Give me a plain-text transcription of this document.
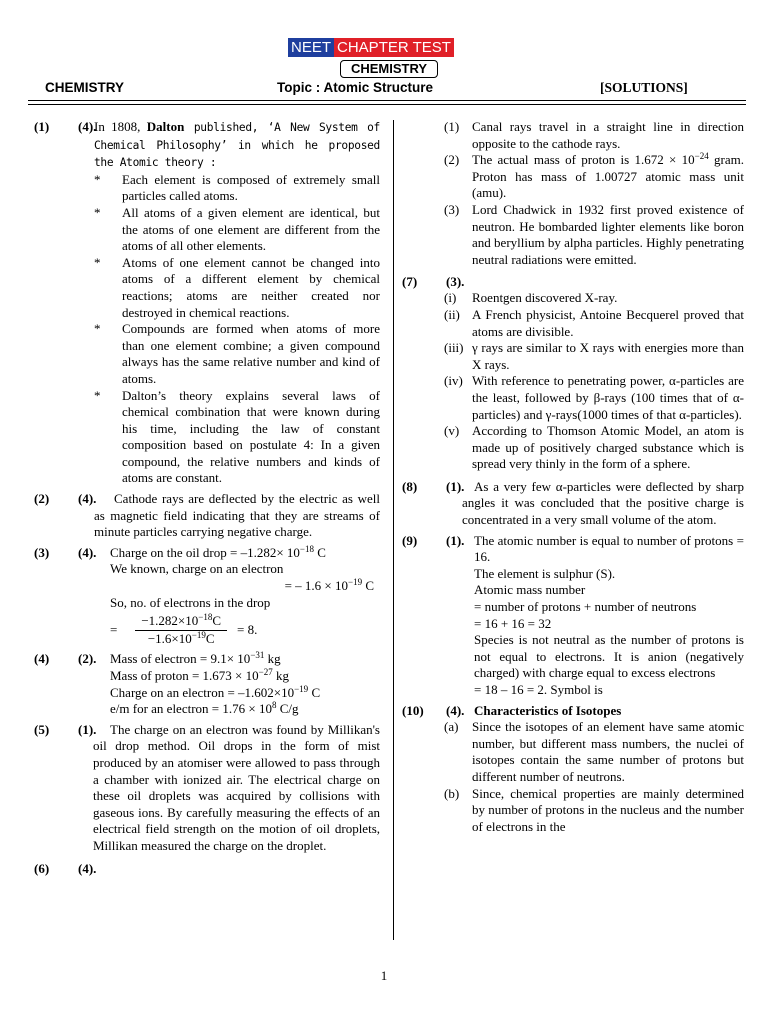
NEET CHAPTER TEST
CHEMISTRY
CHEMISTRY	Topic : Atomic Structure	[SOLUTIONS]
(1) (4).
In 1808, Dalton published, ‘A New System of Chemical Philosophy’ in which he proposed the Atomic theory :
* Each element is composed of extremely small particles called atoms.
* All atoms of a given element are identical, but the atoms of one element are different from the atoms of all other elements.
* Atoms of one element cannot be changed into atoms of a different element by chemical reactions; atoms are neither created nor destroyed in chemical reactions.
* Compounds are formed when atoms of more than one element combine; a given compound always has the same relative number and kind of atoms.
* Dalton’s theory explains several laws of chemical combination that were known during his time, including the law of constant composition based on postulate 4: In a given compound, the relative numbers and kinds of atoms are constant.
(2) (4).	Cathode rays are deflected by the electric as well as magnetic field indicating that they are streams of minute particles carrying negative charge.
(3) (4). Charge on the oil drop = $-1.282\times 10^{-18}$ C
We known, charge on an electron
= – $1.6 \times 10^{-19}$ C
So, no. of electrons in the drop
= $\frac{-1.282\times 10^{-18}C}{-1.6\times 10^{-19}C} = 8$.
(4) (2). Mass of electron = $9.1\times 10^{-31}$ kg
Mass of proton = $1.673 \times 10^{-27}$ kg
Charge on an electron = $-1.602\times 10^{-19}$ C
e/m for an electron = $1.76 \times 10^8$ C/g
(5) (1).	The charge on an electron was found by Millikan's oil drop method. Oil drops in the form of mist produced by an atomiser were allowed to pass through a chamber with ionized air. The electrical charge on these oil droplets was acquired by collisions with gaseous ions. By carefully measuring the effects of an electrical field strength on the motion of oil droplets, Millikan measured the charge on the droplet.
(6) (4).

(1) Canal rays travel in a straight line in direction opposite to the cathode rays.
(2) The actual mass of proton is $1.672 \times 10^{-24}$ gram. Proton has mass of 1.00727 atomic mass unit (amu).
(3) Lord Chadwick in 1932 first proved existence of neutron. He bombarded lighter elements like boron and beryllium by alpha particles. Highly penetrating neutral radiations were emitted.
(7) (3).
(i) Roentgen discovered X-ray.
(ii) A French physicist, Antoine Becquerel proved that atoms are divisible.
(iii) γ rays are similar to X rays with energies more than X rays.
(iv) With reference to penetrating power, α-particles are the least, followed by β-rays (100 times that of α-particles) and γ-rays(1000 times of that α-particles).
(v) According to Thomson Atomic Model, an atom is made up of positively charged substance which is spread very thinly in the form of a sphere.
(8) (1). As a very few α-particles were deflected by sharp angles it was concluded that the positive charge is concentrated in a very small volume of the atom.
(9) (1). The atomic number is equal to number of protons = 16.
The element is sulphur (S).
Atomic mass number
= number of protons + number of neutrons
= 16 + 16 = 32
Species is not neutral as the number of protons is not equal to electrons. It is anion (negatively charged) with charge equal to excess electrons
= 18 – 16 = 2. Symbol is
(10) (4). Characteristics of Isotopes
(a) Since the isotopes of an element have same atomic number, but different mass numbers, the nuclei of isotopes contain the same number of protons but different number of neutrons.
(b) Since, chemical properties are mainly determined by number of protons in the nucleus and the number of electrons in the
1
